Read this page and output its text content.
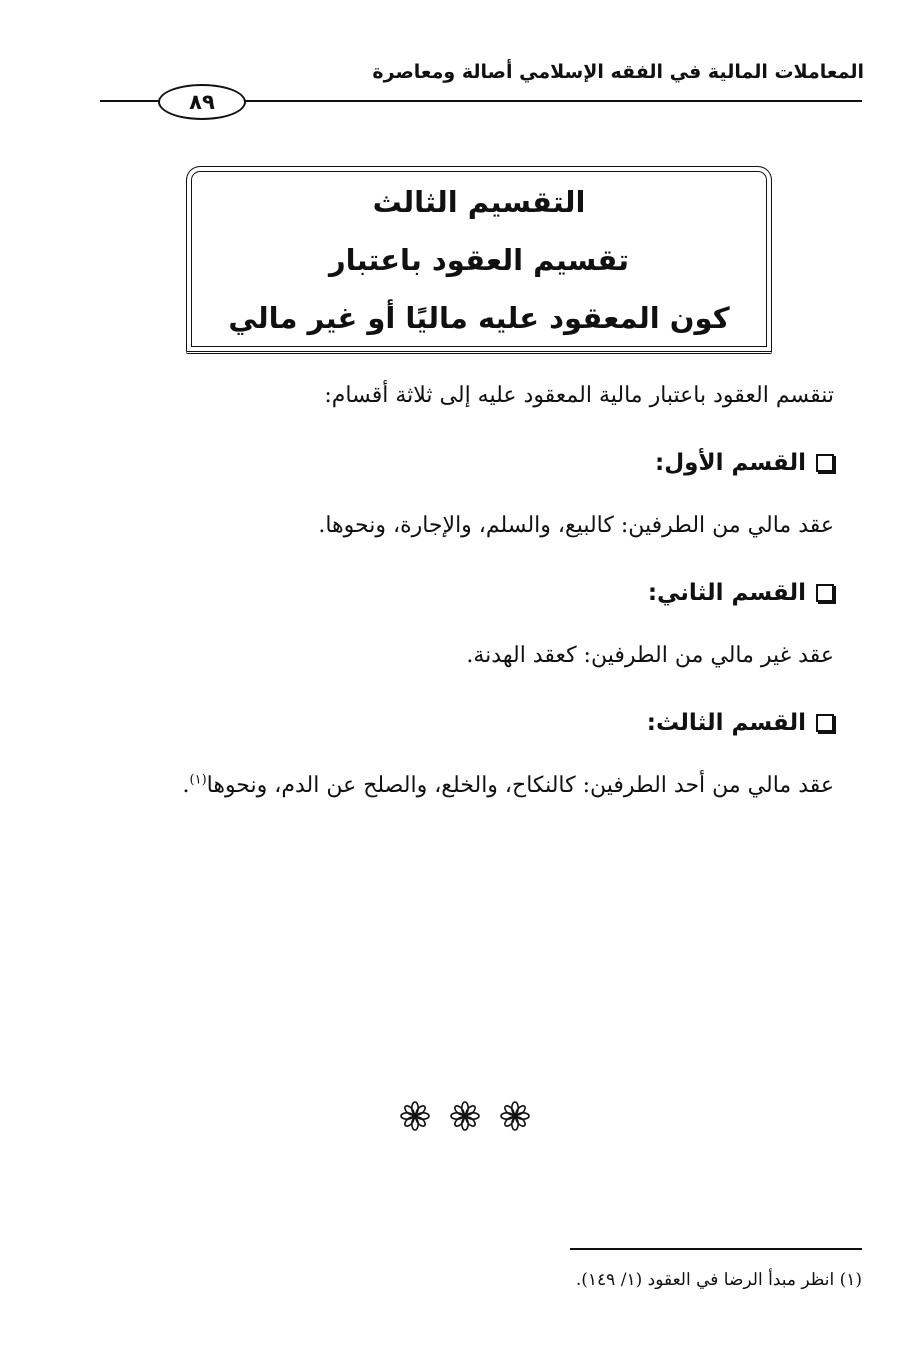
المعاملات المالية في الفقه الإسلامي أصالة ومعاصرة
٨٩
التقسيم الثالث
تقسيم العقود باعتبار
كون المعقود عليه ماليًا أو غير مالي

تنقسم العقود باعتبار مالية المعقود عليه إلى ثلاثة أقسام:

القسم الأول:

عقد مالي من الطرفين: كالبيع، والسلم، والإجارة، ونحوها.

القسم الثاني:

عقد غير مالي من الطرفين: كعقد الهدنة.

القسم الثالث:

عقد مالي من أحد الطرفين: كالنكاح، والخلع، والصلح عن الدم، ونحوها$^{(١)}$.

(١) انظر مبدأ الرضا في العقود (١/ ١٤٩).
